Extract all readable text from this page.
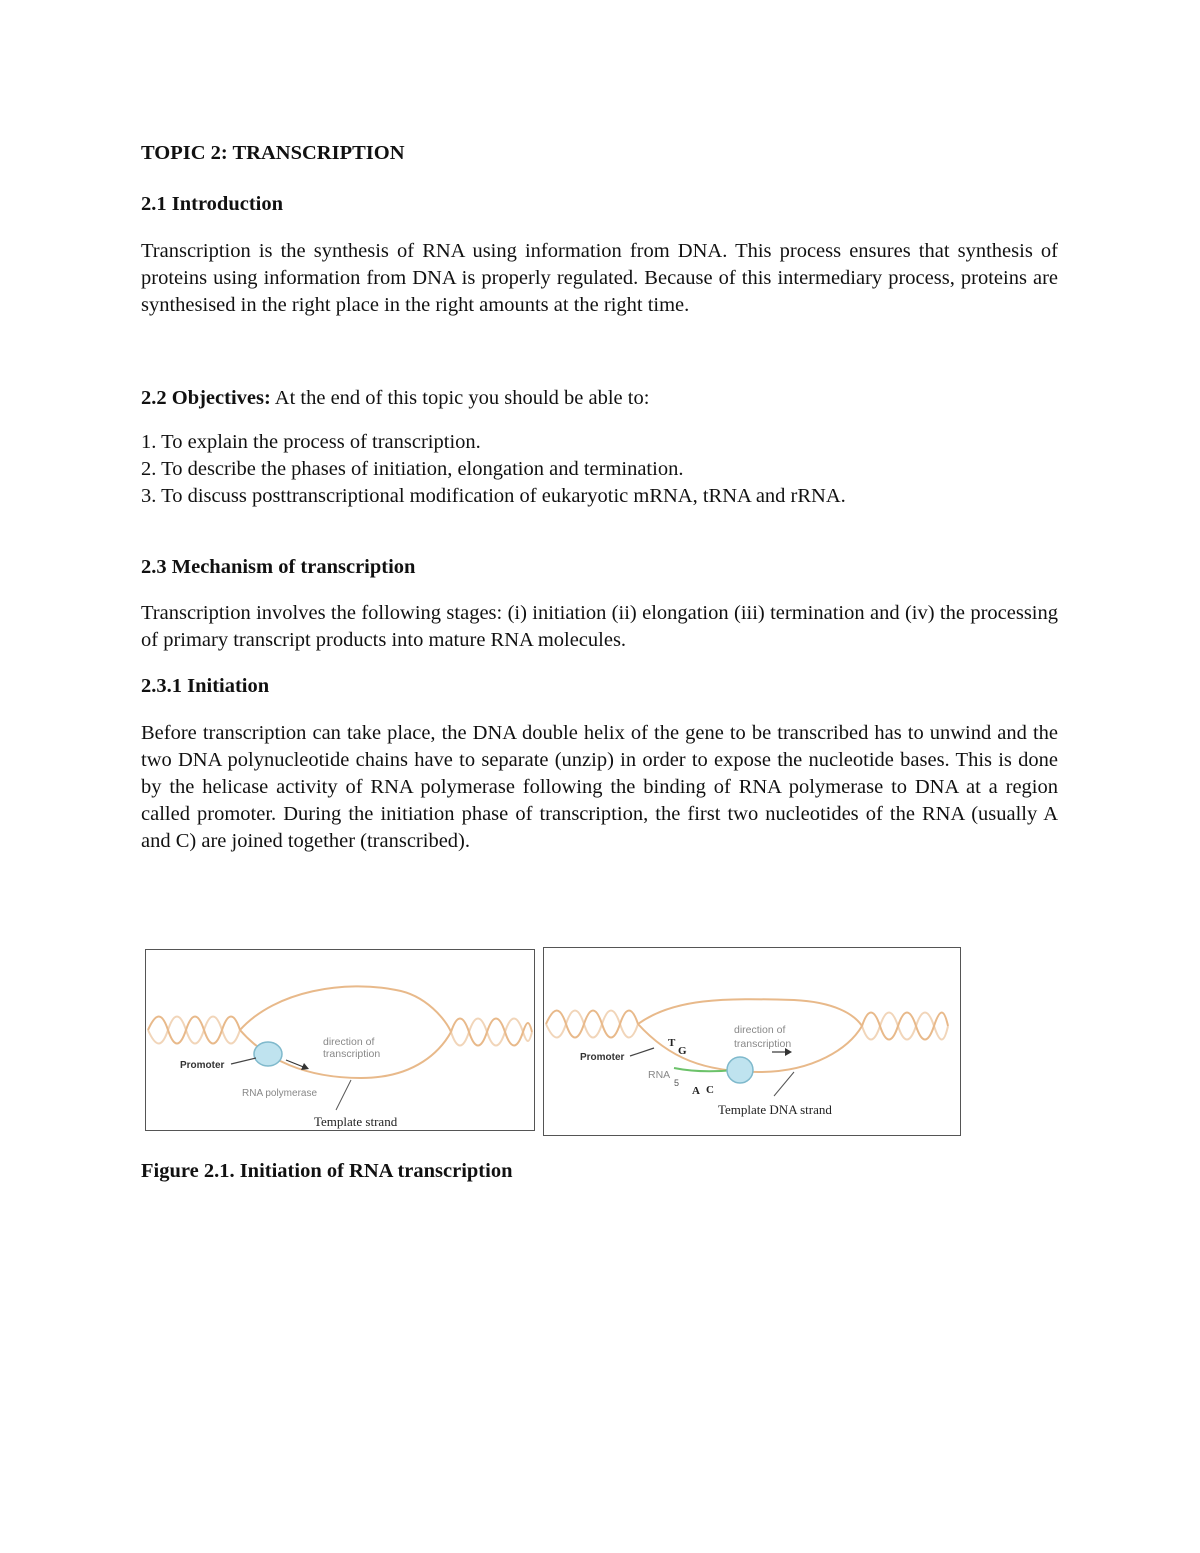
TOPIC 2: TRANSCRIPTION

2.1 Introduction

Transcription is the synthesis of RNA using information from DNA. This process ensures that synthesis of proteins using information from DNA is properly regulated. Because of this intermediary process, proteins are synthesised in the right place in the right amounts at the right time.

2.2 Objectives: At the end of this topic you should be able to:

1. To explain the process of transcription.
2. To describe the phases of initiation, elongation and termination.
3. To discuss posttranscriptional modification of eukaryotic mRNA, tRNA and rRNA.

2.3 Mechanism of transcription

Transcription involves the following stages: (i) initiation (ii) elongation (iii) termination and (iv) the processing of primary transcript products into mature RNA molecules.

2.3.1 Initiation

Before transcription can take place, the DNA double helix of the gene to be transcribed has to unwind and the two DNA polynucleotide chains have to separate (unzip) in order to expose the nucleotide bases. This is done by the helicase activity of RNA polymerase following the binding of RNA polymerase to DNA at a region called promoter. During the initiation phase of transcription, the first two nucleotides of the RNA (usually A and C) are joined together (transcribed).

Promoter
direction of
transcription
RNA polymerase
Template strand
Promoter
T
G
RNA
5
A C
direction of
transcription
Template DNA strand

Figure 2.1. Initiation of RNA transcription
